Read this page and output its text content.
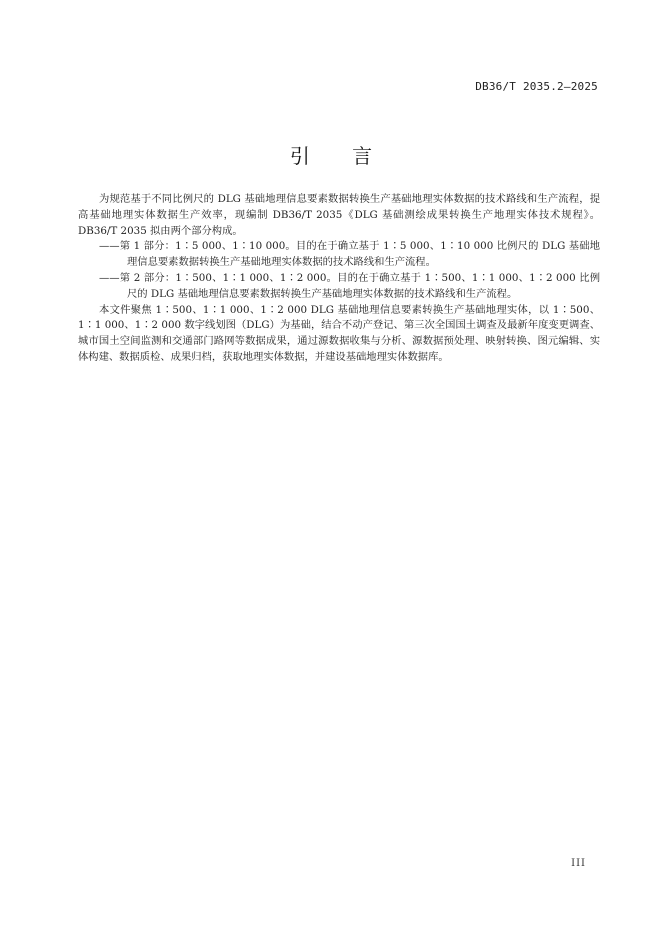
DB36/T 2035.2—2025
引 言

为规范基于不同比例尺的 DLG 基础地理信息要素数据转换生产基础地理实体数据的技术路线和生产流程，提高基础地理实体数据生产效率，现编制 DB36/T 2035《DLG 基础测绘成果转换生产地理实体技术规程》。DB36/T 2035 拟由两个部分构成。

——第 1 部分：1∶5 000、1∶10 000。目的在于确立基于 1∶5 000、1∶10 000 比例尺的 DLG 基础地理信息要素数据转换生产基础地理实体数据的技术路线和生产流程。

——第 2 部分：1∶500、1∶1 000、1∶2 000。目的在于确立基于 1∶500、1∶1 000、1∶2 000 比例尺的 DLG 基础地理信息要素数据转换生产基础地理实体数据的技术路线和生产流程。

本文件聚焦 1∶500、1∶1 000、1∶2 000 DLG 基础地理信息要素转换生产基础地理实体，以 1∶500、1∶1 000、1∶2 000 数字线划图（DLG）为基础，结合不动产登记、第三次全国国土调查及最新年度变更调查、城市国土空间监测和交通部门路网等数据成果，通过源数据收集与分析、源数据预处理、映射转换、图元编辑、实体构建、数据质检、成果归档，获取地理实体数据，并建设基础地理实体数据库。

III
